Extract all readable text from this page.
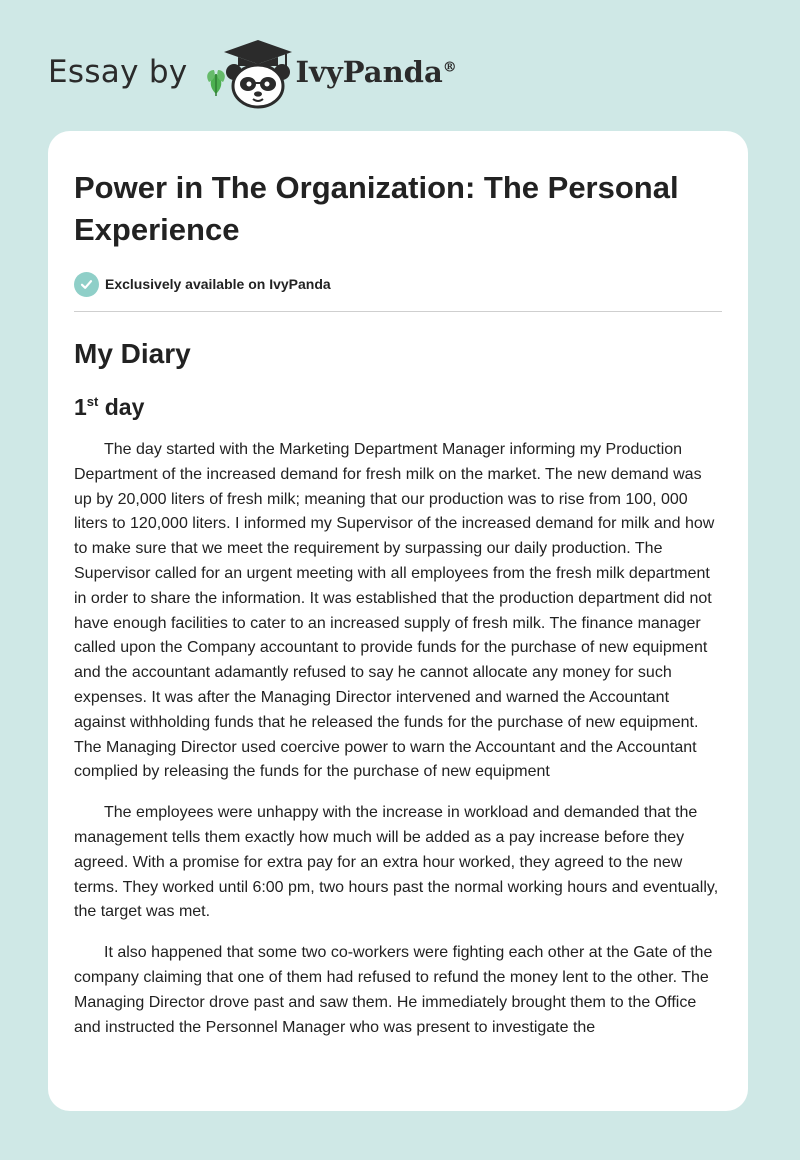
Essay by	IvyPanda®
Power in The Organization: The Personal Experience
Exclusively available on IvyPanda
My Diary
1st day

The day started with the Marketing Department Manager informing my Production Department of the increased demand for fresh milk on the market. The new demand was up by 20,000 liters of fresh milk; meaning that our production was to rise from 100, 000 liters to 120,000 liters. I informed my Supervisor of the increased demand for milk and how to make sure that we meet the requirement by surpassing our daily production. The Supervisor called for an urgent meeting with all employees from the fresh milk department in order to share the information. It was established that the production department did not have enough facilities to cater to an increased supply of fresh milk. The finance manager called upon the Company accountant to provide funds for the purchase of new equipment and the accountant adamantly refused to say he cannot allocate any money for such expenses. It was after the Managing Director intervened and warned the Accountant against withholding funds that he released the funds for the purchase of new equipment. The Managing Director used coercive power to warn the Accountant and the Accountant complied by releasing the funds for the purchase of new equipment

The employees were unhappy with the increase in workload and demanded that the management tells them exactly how much will be added as a pay increase before they agreed. With a promise for extra pay for an extra hour worked, they agreed to the new terms. They worked until 6:00 pm, two hours past the normal working hours and eventually, the target was met.

It also happened that some two co-workers were fighting each other at the Gate of the company claiming that one of them had refused to refund the money lent to the other. The Managing Director drove past and saw them. He immediately brought them to the Office and instructed the Personnel Manager who was present to investigate the
